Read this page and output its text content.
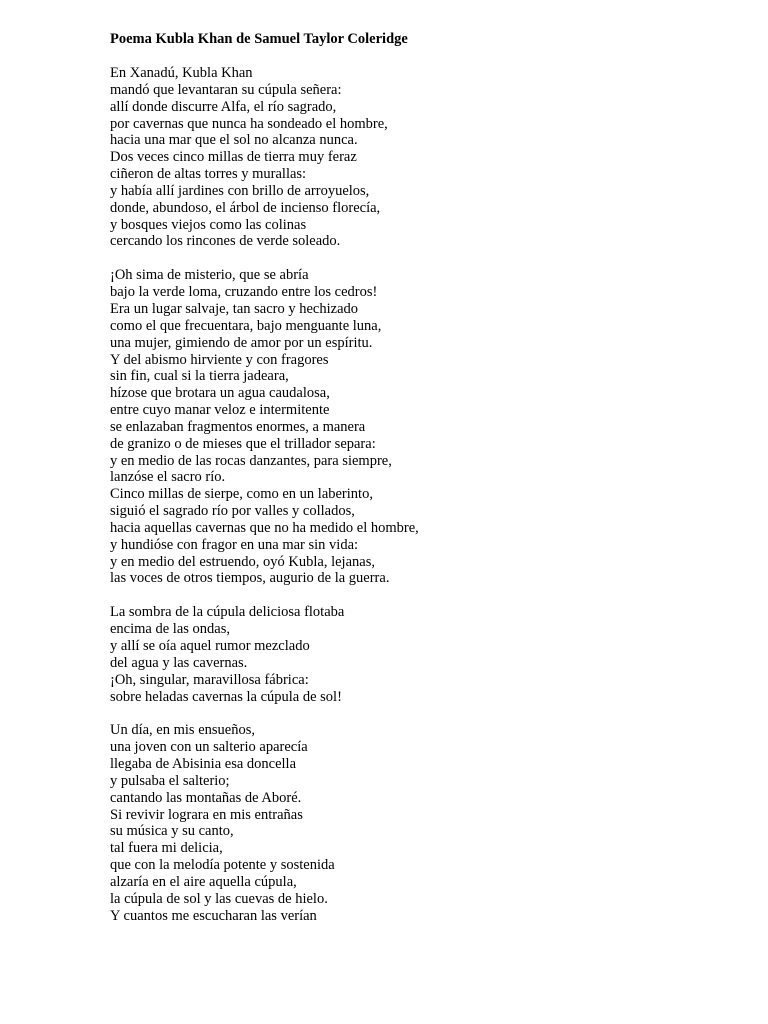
Poema Kubla Khan de Samuel Taylor Coleridge
En Xanadú, Kubla Khan
mandó que levantaran su cúpula señera:
allí donde discurre Alfa, el río sagrado,
por cavernas que nunca ha sondeado el hombre,
hacia una mar que el sol no alcanza nunca.
Dos veces cinco millas de tierra muy feraz
ciñeron de altas torres y murallas:
y había allí jardines con brillo de arroyuelos,
donde, abundoso, el árbol de incienso florecía,
y bosques viejos como las colinas
cercando los rincones de verde soleado.
¡Oh sima de misterio, que se abría
bajo la verde loma, cruzando entre los cedros!
Era un lugar salvaje, tan sacro y hechizado
como el que frecuentara, bajo menguante luna,
una mujer, gimiendo de amor por un espíritu.
Y del abismo hirviente y con fragores
sin fin, cual si la tierra jadeara,
hízose que brotara un agua caudalosa,
entre cuyo manar veloz e intermitente
se enlazaban fragmentos enormes, a manera
de granizo o de mieses que el trillador separa:
y en medio de las rocas danzantes, para siempre,
lanzóse el sacro río.
Cinco millas de sierpe, como en un laberinto,
siguió el sagrado río por valles y collados,
hacia aquellas cavernas que no ha medido el hombre,
y hundióse con fragor en una mar sin vida:
y en medio del estruendo, oyó Kubla, lejanas,
las voces de otros tiempos, augurio de la guerra.
La sombra de la cúpula deliciosa flotaba
encima de las ondas,
y allí se oía aquel rumor mezclado
del agua y las cavernas.
¡Oh, singular, maravillosa fábrica:
sobre heladas cavernas la cúpula de sol!
Un día, en mis ensueños,
una joven con un salterio aparecía
llegaba de Abisinia esa doncella
y pulsaba el salterio;
cantando las montañas de Aboré.
Si revivir lograra en mis entrañas
su música y su canto,
tal fuera mi delicia,
que con la melodía potente y sostenida
alzaría en el aire aquella cúpula,
la cúpula de sol y las cuevas de hielo.
Y cuantos me escucharan las verían
